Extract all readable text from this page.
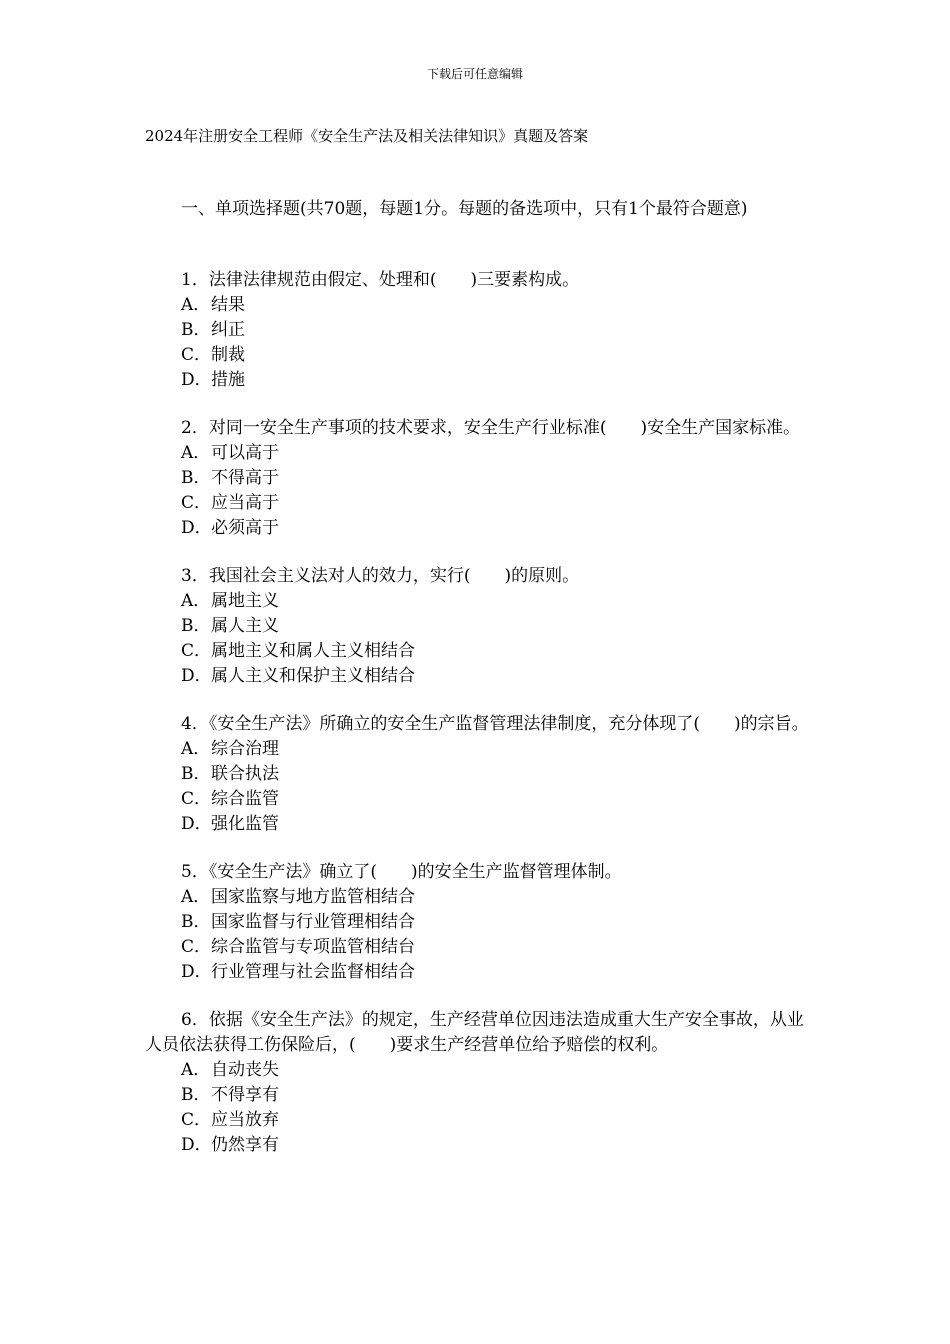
下载后可任意编辑
2024年注册安全工程师《安全生产法及相关法律知识》真题及答案
一、单项选择题(共70题，每题1分。每题的备选项中，只有1个最符合题意)
1．法律法律规范由假定、处理和(　　)三要素构成。
A．结果
B．纠正
C．制裁
D．措施
2．对同一安全生产事项的技术要求，安全生产行业标准(　　)安全生产国家标准。
A．可以高于
B．不得高于
C．应当高于
D．必须高于
3．我国社会主义法对人的效力，实行(　　)的原则。
A．属地主义
B．属人主义
C．属地主义和属人主义相结合
D．属人主义和保护主义相结合
4．《安全生产法》所确立的安全生产监督管理法律制度，充分体现了(　　)的宗旨。
A．综合治理
B．联合执法
C．综合监管
D．强化监管
5．《安全生产法》确立了(　　)的安全生产监督管理体制。
A．国家监察与地方监管相结合
B．国家监督与行业管理相结合
C．综合监管与专项监管相结台
D．行业管理与社会监督相结合
6．依据《安全生产法》的规定，生产经营单位因违法造成重大生产安全事故，从业人员依法获得工伤保险后，(　　)要求生产经营单位给予赔偿的权利。
A．自动丧失
B．不得享有
C．应当放弃
D．仍然享有
